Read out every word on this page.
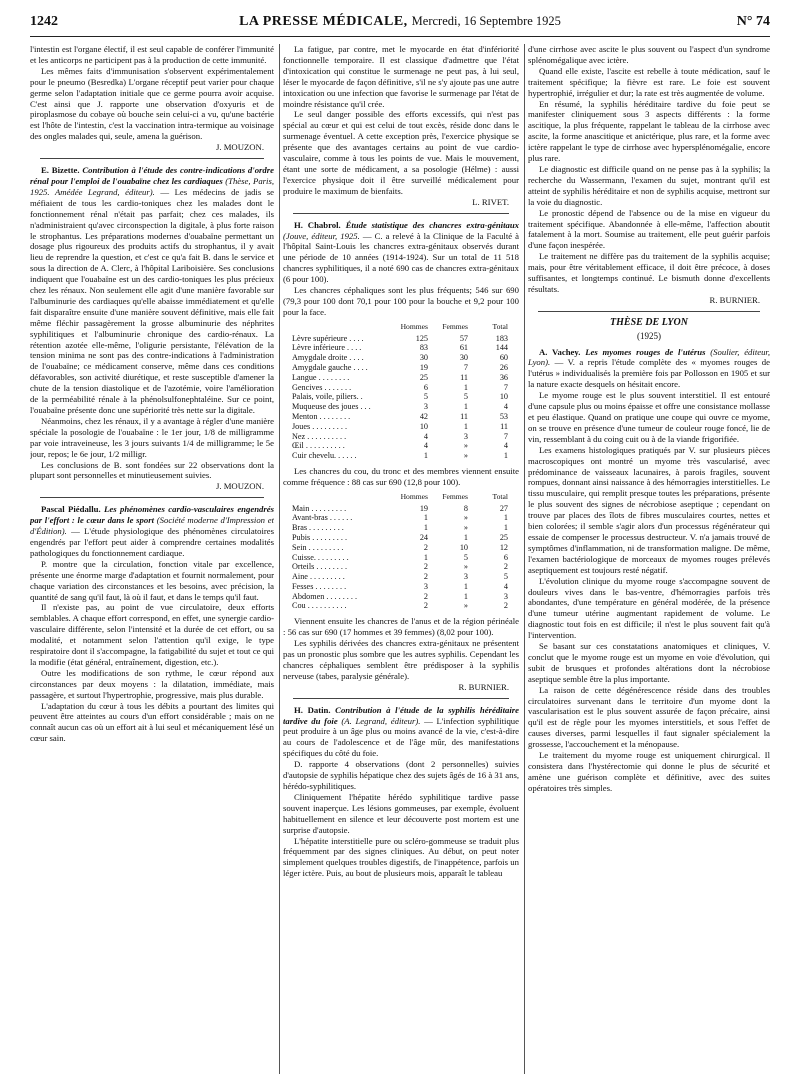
1242	LA PRESSE MÉDICALE, Mercredi, 16 Septembre 1925	N° 74

l'intestin est l'organe électif, il est seul capable de conférer l'immunité et les anticorps ne participent pas à la production de cette immunité.

Les mêmes faits d'immunisation s'observent expérimentalement pour le pneumo (Besredka) L'organe réceptif peut varier pour chaque germe selon l'adaptation initiale que ce germe pourra avoir acquise. C'est ainsi que J. rapporte une observation d'oxyuris et de piroplasmose du cobaye où bouche sein celui-ci a vu, qu'une bactérie est l'hôte de l'intestin, c'est la vaccination intra-termique au voisinage des ongles malades qui, seule, amena la guérison.

J. MOUZON.

E. Bizette. Contribution à l'étude des contre-indications d'ordre rénal pour l'emploi de l'ouabaïne chez les cardiaques (Thèse, Paris, 1925. Amédée Legrand, éditeur). — Les médecins de jadis se méfiaient de tous les cardio-toniques chez les malades dont le fonctionnement rénal n'était pas parfait; chez ces malades, ils n'administraient qu'avec circonspection la digitale, à plus forte raison le strophantus. Les préparations modernes d'ouabaïne permettant un dosage plus rigoureux des produits actifs du strophantus, il y avait lieu de reprendre la question, et c'est ce qu'a fait B. dans le service et sous la direction de A. Clerc, à l'hôpital Lariboisière. Ses conclusions indiquent que l'ouabaïne est un des cardio-toniques les plus précieux chez les rénaux. Non seulement elle agit d'une manière favorable sur l'albuminurie des cardiaques qu'elle abaisse immédiatement et qu'elle fait disparaître ensuite d'une manière souvent définitive, mais elle fait même fléchir passagèrement la grosse albuminurie des néphrites syphilitiques et l'albuminurie chronique des cardio-rénaux. La rétention azotée elle-même, l'oligurie persistante, l'élévation de la tension minima ne sont pas des contre-indications à l'administration de l'ouabaïne; ce médicament conserve, même dans ces conditions défavorables, son activité diurétique, et reste susceptible d'amener la chute de la tension diastolique et de l'azotémie, voire l'amélioration de la perméabilité rénale à la phénolsulfonephtaléine. Sur ce point, l'ouabaïne présente donc une supériorité très nette sur la digitale.

Néanmoins, chez les rénaux, il y a avantage à régler d'une manière spéciale la posologie de l'ouabaïne : le 1er jour, 1/8 de milligramme par voie intraveineuse, les 3 jours suivants 1/4 de milligramme; le 5e jour, repos; le 6e jour, 1/2 milligr.

Les conclusions de B. sont fondées sur 22 observations dont la plupart sont personnelles et minutieusement suivies.

J. MOUZON.

Pascal Piédallu. Les phénomènes cardio-vasculaires engendrés par l'effort : le cœur dans le sport (Société moderne d'Impression et d'Édition). — L'étude physiologique des phénomènes circulatoires engendrés par l'effort peut aider à comprendre certaines modalités pathologiques du fonctionnement cardiaque.

P. montre que la circulation, fonction vitale par excellence, présente une énorme marge d'adaptation et fournit normalement, pour chaque variation des circonstances et les besoins, avec précision, la quantité de sang qu'il faut, là où il faut, et dans le temps qu'il faut.

Il n'existe pas, au point de vue circulatoire, deux efforts semblables. A chaque effort correspond, en effet, une synergie cardio-vasculaire différente, selon l'intensité et la durée de cet effort, ou sa modalité, et notamment selon l'attention qu'il exige, le type respiratoire dont il s'accompagne, la fatigabilité du sujet et tout ce qui la modifie (état général, entraînement, digestion, etc.).

Outre les modifications de son rythme, le cœur répond aux circonstances par deux moyens : la dilatation, immédiate, mais passagère, et surtout l'hypertrophie, progressive, mais plus durable.

L'adaptation du cœur à tous les débits a pourtant des limites qui peuvent être atteintes au cours d'un effort considérable ; mais on ne connaît aucun cas où un effort ait à lui seul et mécaniquement lésé un cœur sain.

La fatigue, par contre, met le myocarde en état d'infériorité fonctionnelle temporaire. Il est classique d'admettre que l'état d'intoxication qui constitue le surmenage ne peut pas, à lui seul, léser le myocarde de façon définitive, s'il ne s'y ajoute pas une autre intoxication ou une infection que favorise le surmenage par l'état de moindre résistance qu'il crée.

Le seul danger possible des efforts excessifs, qui n'est pas spécial au cœur et qui est celui de tout excès, réside donc dans le surmenage éventuel. A cette exception près, l'exercice physique se présente que des avantages certains au point de vue cardio-vasculaire, comme à tous les points de vue. Mais le mouvement, étant une sorte de médicament, a sa posologie (Hélme) : aussi l'exercice physique doit il être surveillé médicalement pour produire le maximum de bienfaits.

L. RIVET.

H. Chabrol. Étude statistique des chancres extra-génitaux (Jouve, éditeur, 1925. — C. a relevé à la Clinique de la Faculté à l'hôpital Saint-Louis les chancres extra-génitaux observés durant une période de 10 années (1914-1924). Sur un total de 11 518 chancres syphilitiques, il a noté 690 cas de chancres extra-génitaux (6 pour 100).

Les chancres céphaliques sont les plus fréquents; 546 sur 690 (79,3 pour 100 dont 70,1 pour 100 pour la bouche et 9,2 pour 100 pour la face.

	Hommes	Femmes	Total
Lèvre supérieure . . . .	125	57	183
Lèvre inférieure . . . .	83	61	144
Amygdale droite . . . .	30	30	60
Amygdale gauche . . . .	19	7	26
Langue . . . . . . . .	25	11	36
Gencives . . . . . . .	6	1	7
Palais, voile, piliers. .	5	5	10
Muqueuse des joues . . .	3	1	4
Menton . . . . . . . .	42	11	53
Joues . . . . . . . . .	10	1	11
Nez . . . . . . . . . .	4	3	7
Œil . . . . . . . . . .	4	»	4
Cuir chevelu. . . . . .	1	»	1

Les chancres du cou, du tronc et des membres viennent ensuite comme fréquence : 88 cas sur 690 (12,8 pour 100).

	Hommes	Femmes	Total
Main . . . . . . . . .	19	8	27
Avant-bras . . . . . .	1	»	1
Bras . . . . . . . . .	1	»	1
Pubis . . . . . . . . .	24	1	25
Sein . . . . . . . . .	2	10	12
Cuisse. . . . . . . . .	1	5	6
Orteils . . . . . . . .	2	»	2
Aine . . . . . . . . .	2	3	5
Fesses . . . . . . . .	3	1	4
Abdomen . . . . . . . .	2	1	3
Cou . . . . . . . . . .	2	»	2

Viennent ensuite les chancres de l'anus et de la région périnéale : 56 cas sur 690 (17 hommes et 39 femmes) (8,02 pour 100).

Les syphilis dérivées des chancres extra-génitaux ne présentent pas un pronostic plus sombre que les autres syphilis. Cependant les chancres céphaliques semblent être prédisposer à la syphilis nerveuse (tabes, paralysie générale).

R. BURNIER.

H. Datin. Contribution à l'étude de la syphilis héréditaire tardive du foie (A. Legrand, éditeur). — L'infection syphilitique peut produire à un âge plus ou moins avancé de la vie, c'est-à-dire au cours de l'adolescence et de l'âge mûr, des manifestations spécifiques du côté du foie.

D. rapporte 4 observations (dont 2 personnelles) suivies d'autopsie de syphilis hépatique chez des sujets âgés de 16 à 31 ans, hérédo-syphilitiques.

Cliniquement l'hépatite hérédo syphilitique tardive passe souvent inaperçue. Les lésions gommeuses, par exemple, évoluent habituellement en silence et leur découverte post mortem est une surprise d'autopsie.

L'hépatite interstitielle pure ou scléro-gommeuse se traduit plus fréquemment par des signes cliniques. Au début, on peut noter simplement quelques troubles digestifs, de l'inappétence, parfois un léger ictère. Puis, au bout de plusieurs mois, apparaît le tableau

d'une cirrhose avec ascite le plus souvent ou l'aspect d'un syndrome splénomégalique avec ictère.

Quand elle existe, l'ascite est rebelle à toute médication, sauf le traitement spécifique; la fièvre est rare. Le foie est souvent hypertrophié, irrégulier et dur; la rate est très augmentée de volume.

En résumé, la syphilis héréditaire tardive du foie peut se manifester cliniquement sous 3 aspects différents : la forme ascitique, la plus fréquente, rappelant le tableau de la cirrhose avec ascite, la forme anascitique et anictérique, plus rare, et la forme avec ictère rappelant le type de cirrhose avec hypersplénomégalie, encore plus rare.

Le diagnostic est difficile quand on ne pense pas à la syphilis; la recherche du Wassermann, l'examen du sujet, montrant qu'il est atteint de syphilis héréditaire et non de syphilis acquise, mettront sur la voie du diagnostic.

Le pronostic dépend de l'absence ou de la mise en vigueur du traitement spécifique. Abandonnée à elle-même, l'affection aboutit fatalement à la mort. Soumise au traitement, elle peut guérir parfois d'une façon inespérée.

Le traitement ne diffère pas du traitement de la syphilis acquise; mais, pour être véritablement efficace, il doit être précoce, à doses suffisantes, et longtemps continué. Le bismuth donne d'excellents résultats.

R. BURNIER.

THÈSE DE LYON

(1925)

A. Vachey. Les myomes rouges de l'utérus (Soulier, éditeur, Lyon). — V. a repris l'étude complète des « myomes rouges de l'utérus » individualisés la première fois par Pollosson en 1905 et sur la nature exacte desquels on hésitait encore.

Le myome rouge est le plus souvent interstitiel. Il est entouré d'une capsule plus ou moins épaisse et offre une consistance mollasse et peu élastique. Quand on pratique une coupe qui ouvre ce myome, on se trouve en présence d'une tumeur de couleur rouge foncé, lie de vin, ressemblant à du coing cuit ou à de la viande frigorifiée.

Les examens histologiques pratiqués par V. sur plusieurs pièces macroscopiques ont montré un myome très vascularisé, avec prédominance de vaisseaux lacunaires, à parois fragiles, souvent rompues, donnant ainsi naissance à des hémorragies interstitielles. Le tissu musculaire, qui remplit presque toutes les préparations, présente le plus souvent des signes de nécrobiose aseptique ; cependant on trouve par places des îlots de fibres musculaires courtes, nettes et bien colorées; il semble s'agir alors d'un processus régénérateur qui essaie de compenser le processus destructeur. V. n'a jamais trouvé de symptômes d'inflammation, ni de transformation maligne. De même, l'examen bactériologique de morceaux de myomes rouges prélevés aseptiquement est toujours resté négatif.

L'évolution clinique du myome rouge s'accompagne souvent de douleurs vives dans le bas-ventre, d'hémorragies parfois très abondantes, d'une température en général modérée, de la présence d'une tumeur utérine augmentant rapidement de volume. Le diagnostic tout fois en est difficile; il n'est le plus souvent fait qu'à l'intervention.

Se basant sur ces constatations anatomiques et cliniques, V. conclut que le myome rouge est un myome en voie d'évolution, qui subit de brusques et profondes altérations dont la nécrobiose aseptique semble être la plus importante.

La raison de cette dégénérescence réside dans des troubles circulatoires survenant dans le territoire d'un myome dont la vascularisation est le plus souvent assurée de façon précaire, ainsi qu'il est de règle pour les myomes interstitiels, et sous l'effet de causes diverses, parmi lesquelles il faut signaler spécialement la grossesse, l'accouchement et la ménopause.

Le traitement du myome rouge est uniquement chirurgical. Il consistera dans l'hystérectomie qui donne le plus de sécurité et amène une guérison complète et définitive, avec des suites opératoires très simples.
